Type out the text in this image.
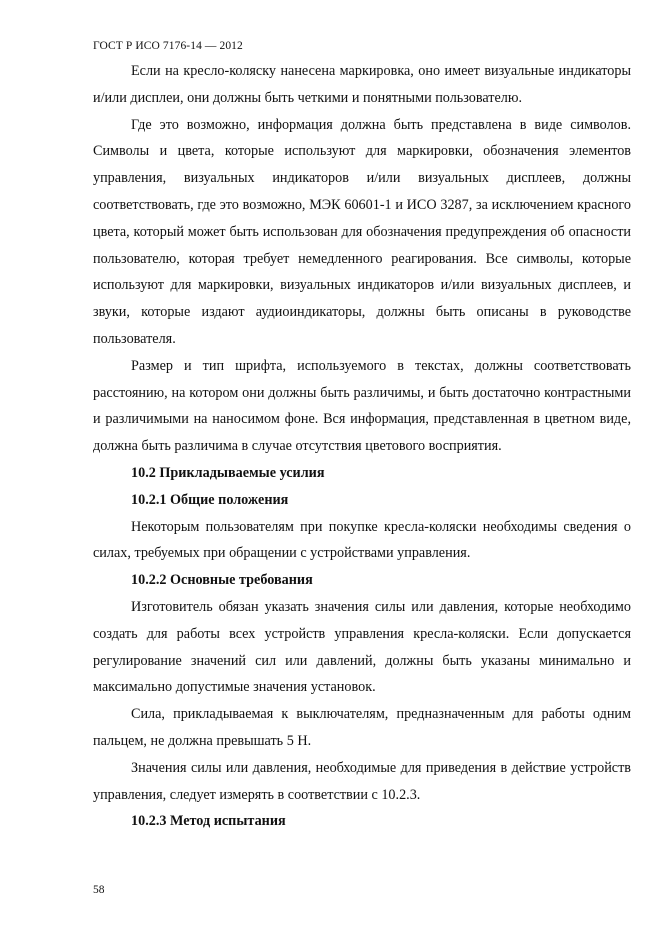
ГОСТ Р ИСО 7176-14 — 2012

Если на кресло-коляску нанесена маркировка, оно имеет визуальные индикаторы и/или дисплеи, они должны быть четкими и понятными пользователю.

Где это возможно, информация должна быть представлена в виде символов. Символы и цвета, которые используют для маркировки, обозначения элементов управления, визуальных индикаторов и/или визуальных дисплеев, должны соответствовать, где это возможно, МЭК 60601-1 и ИСО 3287, за исключением красного цвета, который может быть использован для обозначения предупреждения об опасности пользователю, которая требует немедленного реагирования. Все символы, которые используют для маркировки, визуальных индикаторов и/или визуальных дисплеев, и звуки, которые издают аудиоиндикаторы, должны быть описаны в руководстве пользователя.

Размер и тип шрифта, используемого в текстах, должны соответствовать расстоянию, на котором они должны быть различимы, и быть достаточно контрастными и различимыми на наносимом фоне. Вся информация, представленная в цветном виде, должна быть различима в случае отсутствия цветового восприятия.

10.2 Прикладываемые усилия
10.2.1 Общие положения

Некоторым пользователям при покупке кресла-коляски необходимы сведения о силах, требуемых при обращении с устройствами управления.

10.2.2 Основные требования

Изготовитель обязан указать значения силы или давления, которые необходимо создать для работы всех устройств управления кресла-коляски. Если допускается регулирование значений сил или давлений, должны быть указаны минимально и максимально допустимые значения установок.

Сила, прикладываемая к выключателям, предназначенным для работы одним пальцем, не должна превышать 5 Н.

Значения силы или давления, необходимые для приведения в действие устройств управления, следует измерять в соответствии с 10.2.3.

10.2.3 Метод испытания
58
